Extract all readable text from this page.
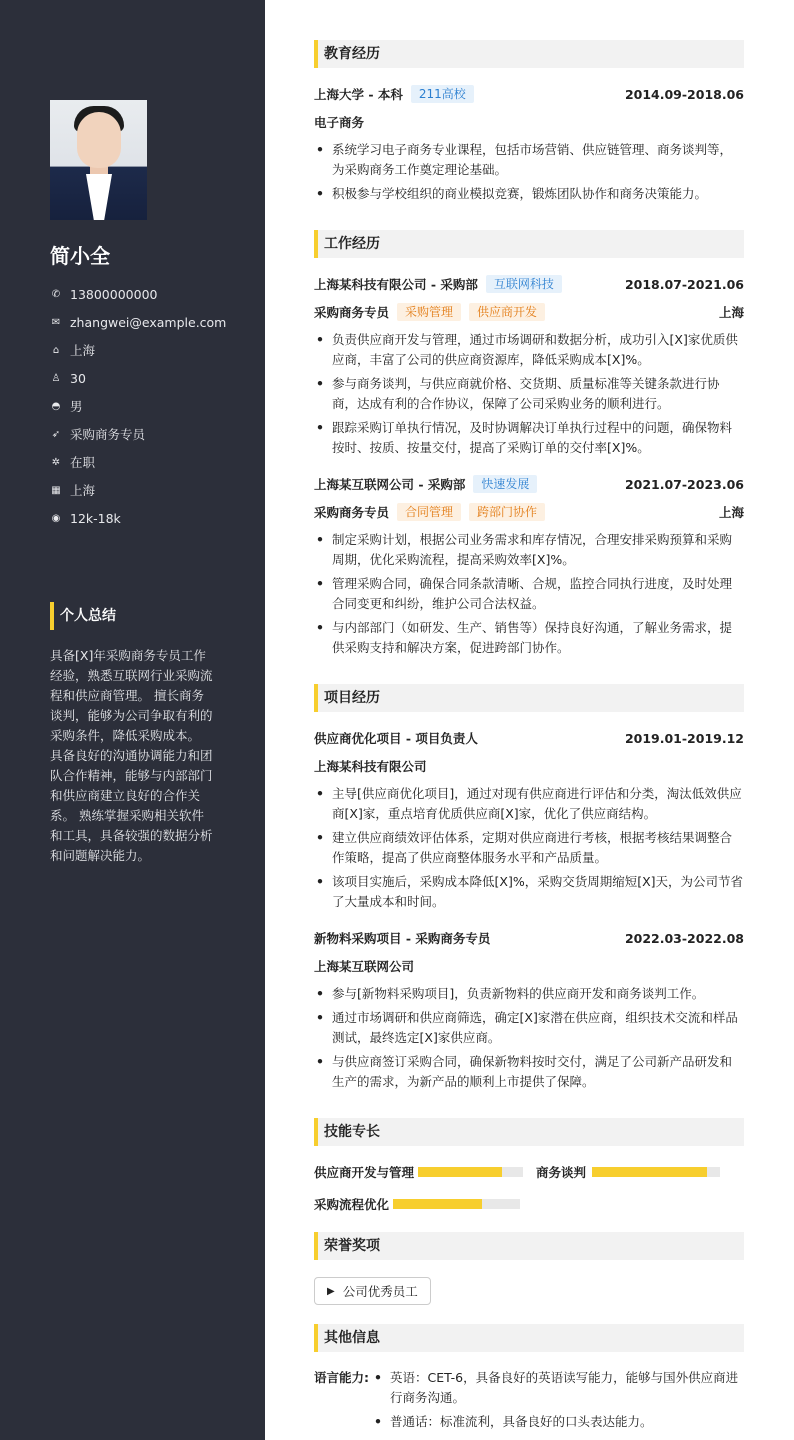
简小全
✆ 13800000000
✉ zhangwei@example.com
⌂ 上海
♙ 30
◓ 男
➶ 采购商务专员
✲ 在职
▦ 上海
◉ 12k-18k
个人总结
具备[X]年采购商务专员工作经验，熟悉互联网行业采购流程和供应商管理。 擅长商务谈判，能够为公司争取有利的采购条件，降低采购成本。 具备良好的沟通协调能力和团队合作精神，能够与内部部门和供应商建立良好的合作关系。 熟练掌握采购相关软件和工具，具备较强的数据分析和问题解决能力。
教育经历
上海大学 - 本科	211高校	2014.09-2018.06
电子商务
• 系统学习电子商务专业课程，包括市场营销、供应链管理、商务谈判等，为采购商务工作奠定理论基础。
• 积极参与学校组织的商业模拟竞赛，锻炼团队协作和商务决策能力。
工作经历
上海某科技有限公司 - 采购部	互联网科技	2018.07-2021.06
采购商务专员	采购管理	供应商开发	上海
• 负责供应商开发与管理，通过市场调研和数据分析，成功引入[X]家优质供应商，丰富了公司的供应商资源库，降低采购成本[X]%。
• 参与商务谈判，与供应商就价格、交货期、质量标准等关键条款进行协商，达成有利的合作协议，保障了公司采购业务的顺利进行。
• 跟踪采购订单执行情况，及时协调解决订单执行过程中的问题，确保物料按时、按质、按量交付，提高了采购订单的交付率[X]%。
上海某互联网公司 - 采购部	快速发展	2021.07-2023.06
采购商务专员	合同管理	跨部门协作	上海
• 制定采购计划，根据公司业务需求和库存情况，合理安排采购预算和采购周期，优化采购流程，提高采购效率[X]%。
• 管理采购合同，确保合同条款清晰、合规，监控合同执行进度，及时处理合同变更和纠纷，维护公司合法权益。
• 与内部部门（如研发、生产、销售等）保持良好沟通，了解业务需求，提供采购支持和解决方案，促进跨部门协作。
项目经历
供应商优化项目 - 项目负责人	2019.01-2019.12
上海某科技有限公司
• 主导[供应商优化项目]，通过对现有供应商进行评估和分类，淘汰低效供应商[X]家，重点培育优质供应商[X]家，优化了供应商结构。
• 建立供应商绩效评估体系，定期对供应商进行考核，根据考核结果调整合作策略，提高了供应商整体服务水平和产品质量。
• 该项目实施后，采购成本降低[X]%，采购交货周期缩短[X]天，为公司节省了大量成本和时间。
新物料采购项目 - 采购商务专员	2022.03-2022.08
上海某互联网公司
• 参与[新物料采购项目]，负责新物料的供应商开发和商务谈判工作。
• 通过市场调研和供应商筛选，确定[X]家潜在供应商，组织技术交流和样品测试，最终选定[X]家供应商。
• 与供应商签订采购合同，确保新物料按时交付，满足了公司新产品研发和生产的需求，为新产品的顺利上市提供了保障。
技能专长
供应商开发与管理	商务谈判
采购流程优化
荣誉奖项
▶ 公司优秀员工
其他信息
语言能力:
•	英语：CET-6，具备良好的英语读写能力，能够与国外供应商进行商务沟通。
• 普通话：标准流利，具备良好的口头表达能力。
